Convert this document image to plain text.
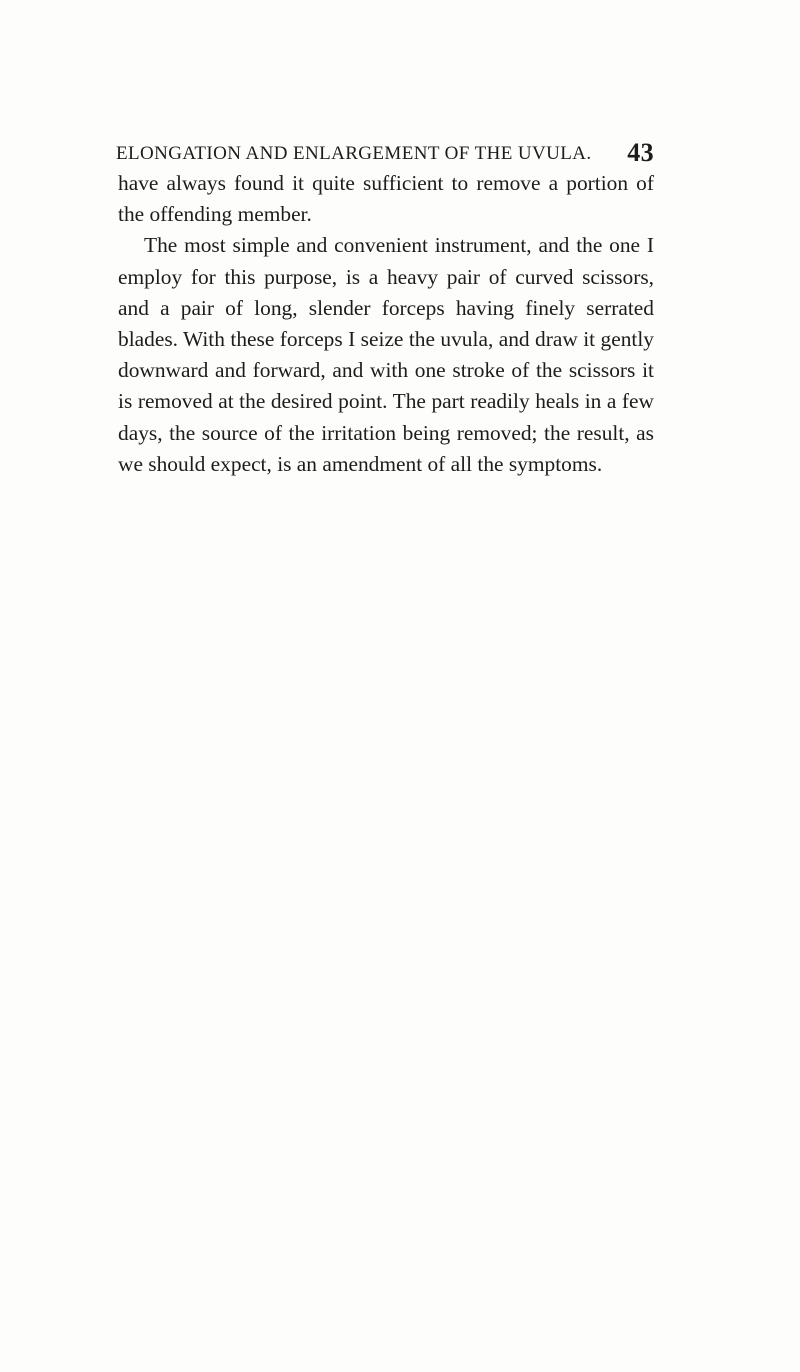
ELONGATION AND ENLARGEMENT OF THE UVULA. 43

have always found it quite sufficient to remove a portion of the offending member.

The most simple and convenient instrument, and the one I employ for this purpose, is a heavy pair of curved scissors, and a pair of long, slender forceps having finely serrated blades. With these forceps I seize the uvula, and draw it gently downward and forward, and with one stroke of the scissors it is removed at the desired point. The part readily heals in a few days, the source of the irritation being removed; the result, as we should expect, is an amendment of all the symptoms.
